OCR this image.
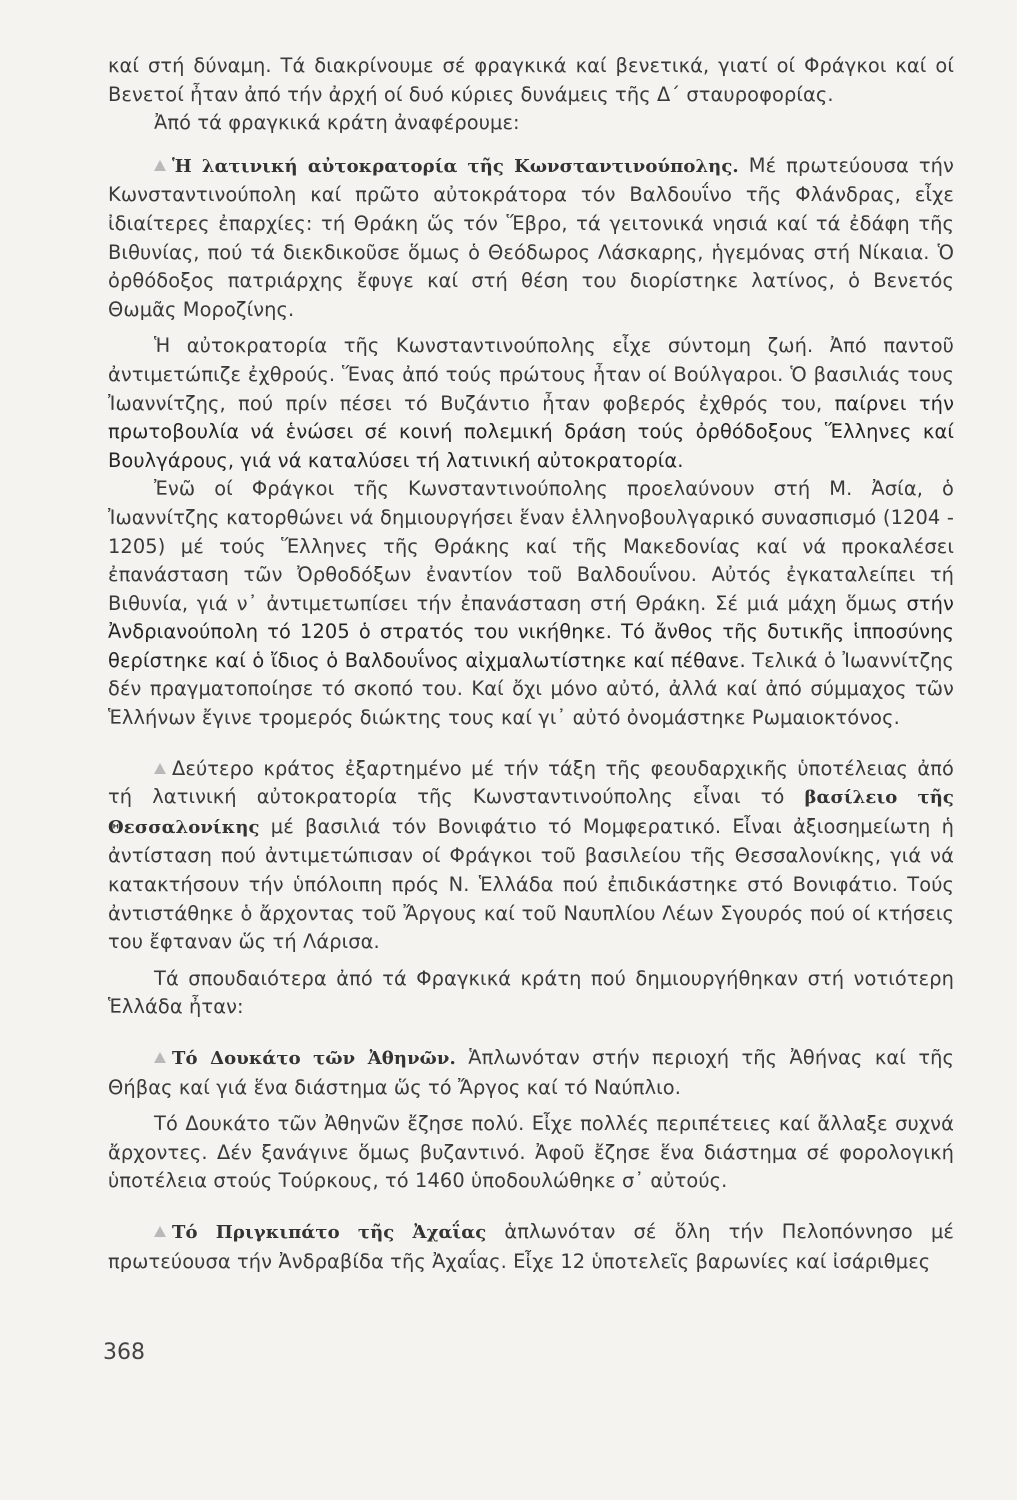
καί στή δύναμη. Τά διακρίνουμε σέ φραγκικά καί βενετικά, γιατί οί Φράγκοι καί οί Βενετοί ἦταν ἀπό τήν ἀρχή οί δυό κύριες δυνάμεις τῆς Δ΄ σταυροφορίας.

Ἀπό τά φραγκικά κράτη ἀναφέρουμε:

Ἡ λατινική αὐτοκρατορία τῆς Κωνσταντινούπολης. Μέ πρωτεύουσα τήν Κωνσταντινούπολη καί πρῶτο αὐτοκράτορα τόν Βαλδουΐνο τῆς Φλάνδρας, εἶχε ἰδιαίτερες ἐπαρχίες: τή Θράκη ὥς τόν Ἕβρο, τά γειτονικά νησιά καί τά ἐδάφη τῆς Βιθυνίας, πού τά διεκδικοῦσε ὅμως ὁ Θεόδωρος Λάσκαρης, ἡγεμόνας στή Νίκαια. Ὁ ὀρθόδοξος πατριάρχης ἔφυγε καί στή θέση του διορίστηκε λατίνος, ὁ Βενετός Θωμᾶς Μοροζίνης.

Ἡ αὐτοκρατορία τῆς Κωνσταντινούπολης εἶχε σύντομη ζωή. Ἀπό παντοῦ ἀντιμετώπιζε ἐχθρούς. Ἕνας ἀπό τούς πρώτους ἦταν οί Βούλγαροι. Ὁ βασιλιάς τους Ἰωαννίτζης, πού πρίν πέσει τό Βυζάντιο ἦταν φοβερός ἐχθρός του, παίρνει τήν πρωτοβουλία νά ἑνώσει σέ κοινή πολεμική δράση τούς ὀρθόδοξους Ἕλληνες καί Βουλγάρους, γιά νά καταλύσει τή λατινική αὐτοκρατορία.

Ἐνῶ οί Φράγκοι τῆς Κωνσταντινούπολης προελαύνουν στή Μ. Ἀσία, ὁ Ἰωαννίτζης κατορθώνει νά δημιουργήσει ἕναν ἑλληνοβουλγαρικό συνασπισμό (1204 - 1205) μέ τούς Ἕλληνες τῆς Θράκης καί τῆς Μακεδονίας καί νά προκαλέσει ἐπανάσταση τῶν Ὀρθοδόξων ἐναντίον τοῦ Βαλδουΐνου. Αὐτός ἐγκαταλείπει τή Βιθυνία, γιά ν᾿ ἀντιμετωπίσει τήν ἐπανάσταση στή Θράκη. Σέ μιά μάχη ὅμως στήν Ἀνδριανούπολη τό 1205 ὁ στρατός του νικήθηκε. Τό ἄνθος τῆς δυτικῆς ἱπποσύνης θερίστηκε καί ὁ ἴδιος ὁ Βαλδουΐνος αἰχμαλωτίστηκε καί πέθανε. Τελικά ὁ Ἰωαννίτζης δέν πραγματοποίησε τό σκοπό του. Καί ὄχι μόνο αὐτό, ἀλλά καί ἀπό σύμμαχος τῶν Ἑλλήνων ἔγινε τρομερός διώκτης τους καί γι᾿ αὐτό ὀνομάστηκε Ρωμαιοκτόνος.

Δεύτερο κράτος ἐξαρτημένο μέ τήν τάξη τῆς φεουδαρχικῆς ὑποτέλειας ἀπό τή λατινική αὐτοκρατορία τῆς Κωνσταντινούπολης εἶναι τό βασίλειο τῆς Θεσσαλονίκης μέ βασιλιά τόν Βονιφάτιο τό Μομφερατικό. Εἶναι ἀξιοσημείωτη ἡ ἀντίσταση πού ἀντιμετώπισαν οί Φράγκοι τοῦ βασιλείου τῆς Θεσσαλονίκης, γιά νά κατακτήσουν τήν ὑπόλοιπη πρός Ν. Ἑλλάδα πού ἐπιδικάστηκε στό Βονιφάτιο. Τούς ἀντιστάθηκε ὁ ἄρχοντας τοῦ Ἄργους καί τοῦ Ναυπλίου Λέων Σγουρός πού οί κτήσεις του ἔφταναν ὥς τή Λάρισα.

Τά σπουδαιότερα ἀπό τά Φραγκικά κράτη πού δημιουργήθηκαν στή νοτιότερη Ἑλλάδα ἦταν:

Τό Δουκάτο τῶν Ἀθηνῶν. Ἁπλωνόταν στήν περιοχή τῆς Ἀθήνας καί τῆς Θήβας καί γιά ἕνα διάστημα ὥς τό Ἄργος καί τό Ναύπλιο.

Τό Δουκάτο τῶν Ἀθηνῶν ἔζησε πολύ. Εἶχε πολλές περιπέτειες καί ἄλλαξε συχνά ἄρχοντες. Δέν ξανάγινε ὅμως βυζαντινό. Ἀφοῦ ἔζησε ἕνα διάστημα σέ φορολογική ὑποτέλεια στούς Τούρκους, τό 1460 ὑποδουλώθηκε σ᾿ αὐτούς.

Τό Πριγκιπάτο τῆς Ἀχαΐας ἁπλωνόταν σέ ὅλη τήν Πελοπόννησο μέ πρωτεύουσα τήν Ἀνδραβίδα τῆς Ἀχαΐας. Εἶχε 12 ὑποτελεῖς βαρωνίες καί ἰσάριθμες

368
